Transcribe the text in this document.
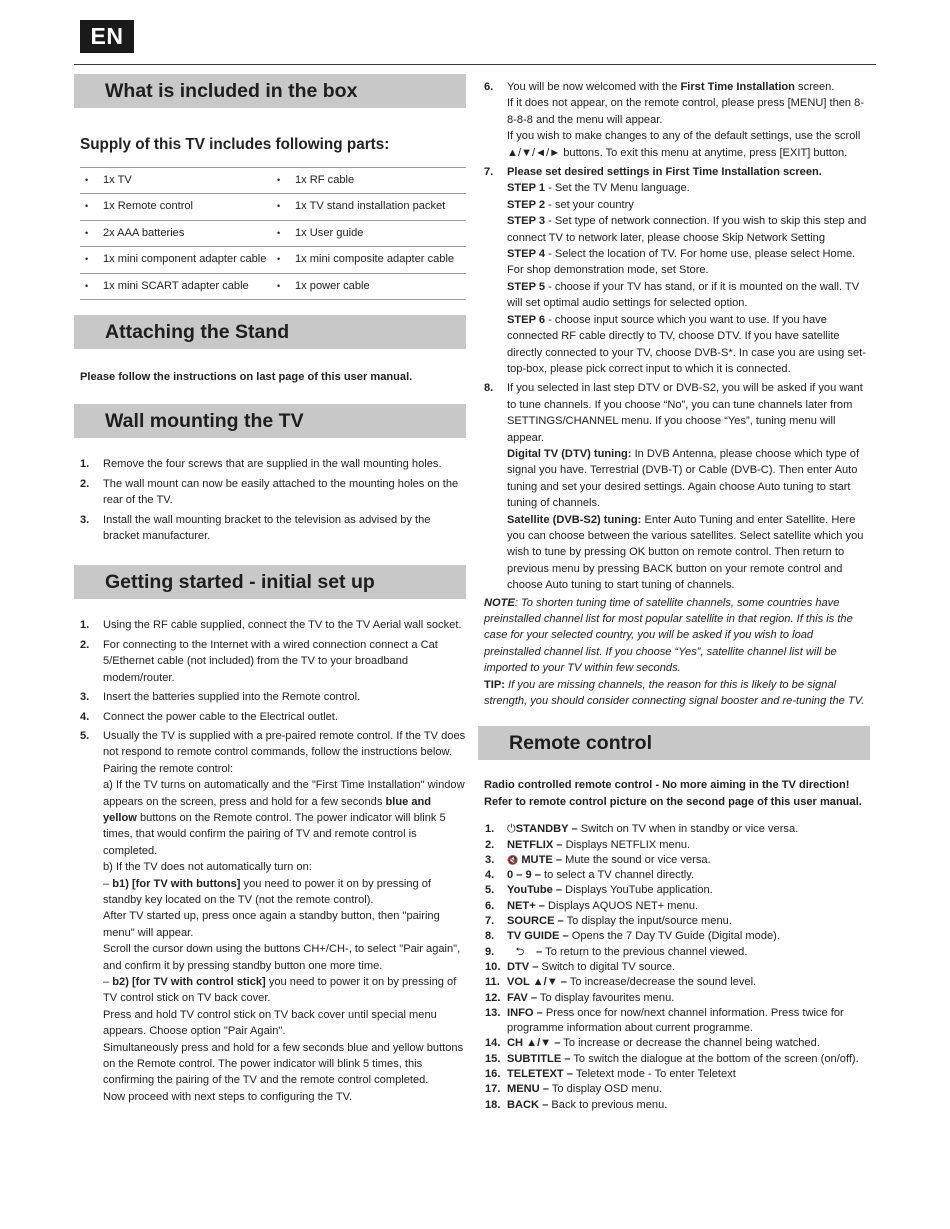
EN
What is included in the box
Supply of this TV includes following parts:
•	1x TV	•	1x RF cable
•	1x Remote control	•	1x TV stand installation packet
•	2x AAA batteries	•	1x User guide
•	1x mini component adapter cable	•	1x mini composite adapter cable
•	1x mini SCART adapter cable	•	1x power cable
Attaching the Stand
Please follow the instructions on last page of this user manual.
Wall mounting the TV
1. Remove the four screws that are supplied in the wall mounting holes.
2. The wall mount can now be easily attached to the mounting holes on the rear of the TV.
3. Install the wall mounting bracket to the television as advised by the bracket manufacturer.
Getting started - initial set up
1. Using the RF cable supplied, connect the TV to the TV Aerial wall socket.
2. For connecting to the Internet with a wired connection connect a Cat 5/Ethernet cable (not included) from the TV to your broadband modem/router.
3. Insert the batteries supplied into the Remote control.
4. Connect the power cable to the Electrical outlet.
5. Usually the TV is supplied with a pre-paired remote control. If the TV does not respond to remote control commands, follow the instructions below.
Pairing the remote control:
a) If the TV turns on automatically and the "First Time Installation" window appears on the screen, press and hold for a few seconds blue and yellow buttons on the Remote control. The power indicator will blink 5 times, that would confirm the pairing of TV and remote control is completed.
b) If the TV does not automatically turn on:
– b1) [for TV with buttons] you need to power it on by pressing of standby key located on the TV (not the remote control).
After TV started up, press once again a standby button, then "pairing menu" will appear.
Scroll the cursor down using the buttons CH+/CH-, to select "Pair again", and confirm it by pressing standby button one more time.
– b2) [for TV with control stick] you need to power it on by pressing of TV control stick on TV back cover.
Press and hold TV control stick on TV back cover until special menu appears. Choose option "Pair Again".
Simultaneously press and hold for a few seconds blue and yellow buttons on the Remote control. The power indicator will blink 5 times, this confirming the pairing of the TV and the remote control completed.
Now proceed with next steps to configuring the TV.
6. You will be now welcomed with the First Time Installation screen.
If it does not appear, on the remote control, please press [MENU] then 8-8-8-8 and the menu will appear.
If you wish to make changes to any of the default settings, use the scroll ▲/▼/◄/► buttons. To exit this menu at anytime, press [EXIT] button.
7. Please set desired settings in First Time Installation screen.
STEP 1 - Set the TV Menu language.
STEP 2 - set your country
STEP 3 - Set type of network connection. If you wish to skip this step and connect TV to network later, please choose Skip Network Setting
STEP 4 - Select the location of TV. For home use, please select Home. For shop demonstration mode, set Store.
STEP 5 - choose if your TV has stand, or if it is mounted on the wall. TV will set optimal audio settings for selected option.
STEP 6 - choose input source which you want to use. If you have connected RF cable directly to TV, choose DTV. If you have satellite directly connected to your TV, choose DVB-S*. In case you are using set-top-box, please pick correct input to which it is connected.
8. If you selected in last step DTV or DVB-S2, you will be asked if you want to tune channels. If you choose “No”, you can tune channels later from SETTINGS/CHANNEL menu. If you choose “Yes”, tuning menu will appear.
Digital TV (DTV) tuning: In DVB Antenna, please choose which type of signal you have. Terrestrial (DVB-T) or Cable (DVB-C). Then enter Auto tuning and set your desired settings. Again choose Auto tuning to start tuning of channels.
Satellite (DVB-S2) tuning: Enter Auto Tuning and enter Satellite. Here you can choose between the various satellites. Select satellite which you wish to tune by pressing OK button on remote control. Then return to previous menu by pressing BACK button on your remote control and choose Auto tuning to start tuning of channels.
NOTE: To shorten tuning time of satellite channels, some countries have preinstalled channel list for most popular satellite in that region. If this is the case for your selected country, you will be asked if you wish to load preinstalled channel list. If you choose “Yes”, satellite channel list will be imported to your TV within few seconds.
TIP: If you are missing channels, the reason for this is likely to be signal strength, you should consider connecting signal booster and re-tuning the TV.
Remote control
Radio controlled remote control - No more aiming in the TV direction! Refer to remote control picture on the second page of this user manual.
1. ⏻STANDBY – Switch on TV when in standby or vice versa.
2. NETFLIX – Displays NETFLIX menu.
3. 🔇 MUTE – Mute the sound or vice versa.
4. 0 – 9 – to select a TV channel directly.
5. YouTube – Displays YouTube application.
6. NET+ – Displays AQUOS NET+ menu.
7. SOURCE – To display the input/source menu.
8. TV GUIDE – Opens the 7 Day TV Guide (Digital mode).
9. ⮌ – To return to the previous channel viewed.
10. DTV – Switch to digital TV source.
11. VOL ▲/▼ – To increase/decrease the sound level.
12. FAV – To display favourites menu.
13. INFO – Press once for now/next channel information. Press twice for programme information about current programme.
14. CH ▲/▼ – To increase or decrease the channel being watched.
15. SUBTITLE – To switch the dialogue at the bottom of the screen (on/off).
16. TELETEXT – Teletext mode - To enter Teletext
17. MENU – To display OSD menu.
18. BACK – Back to previous menu.
